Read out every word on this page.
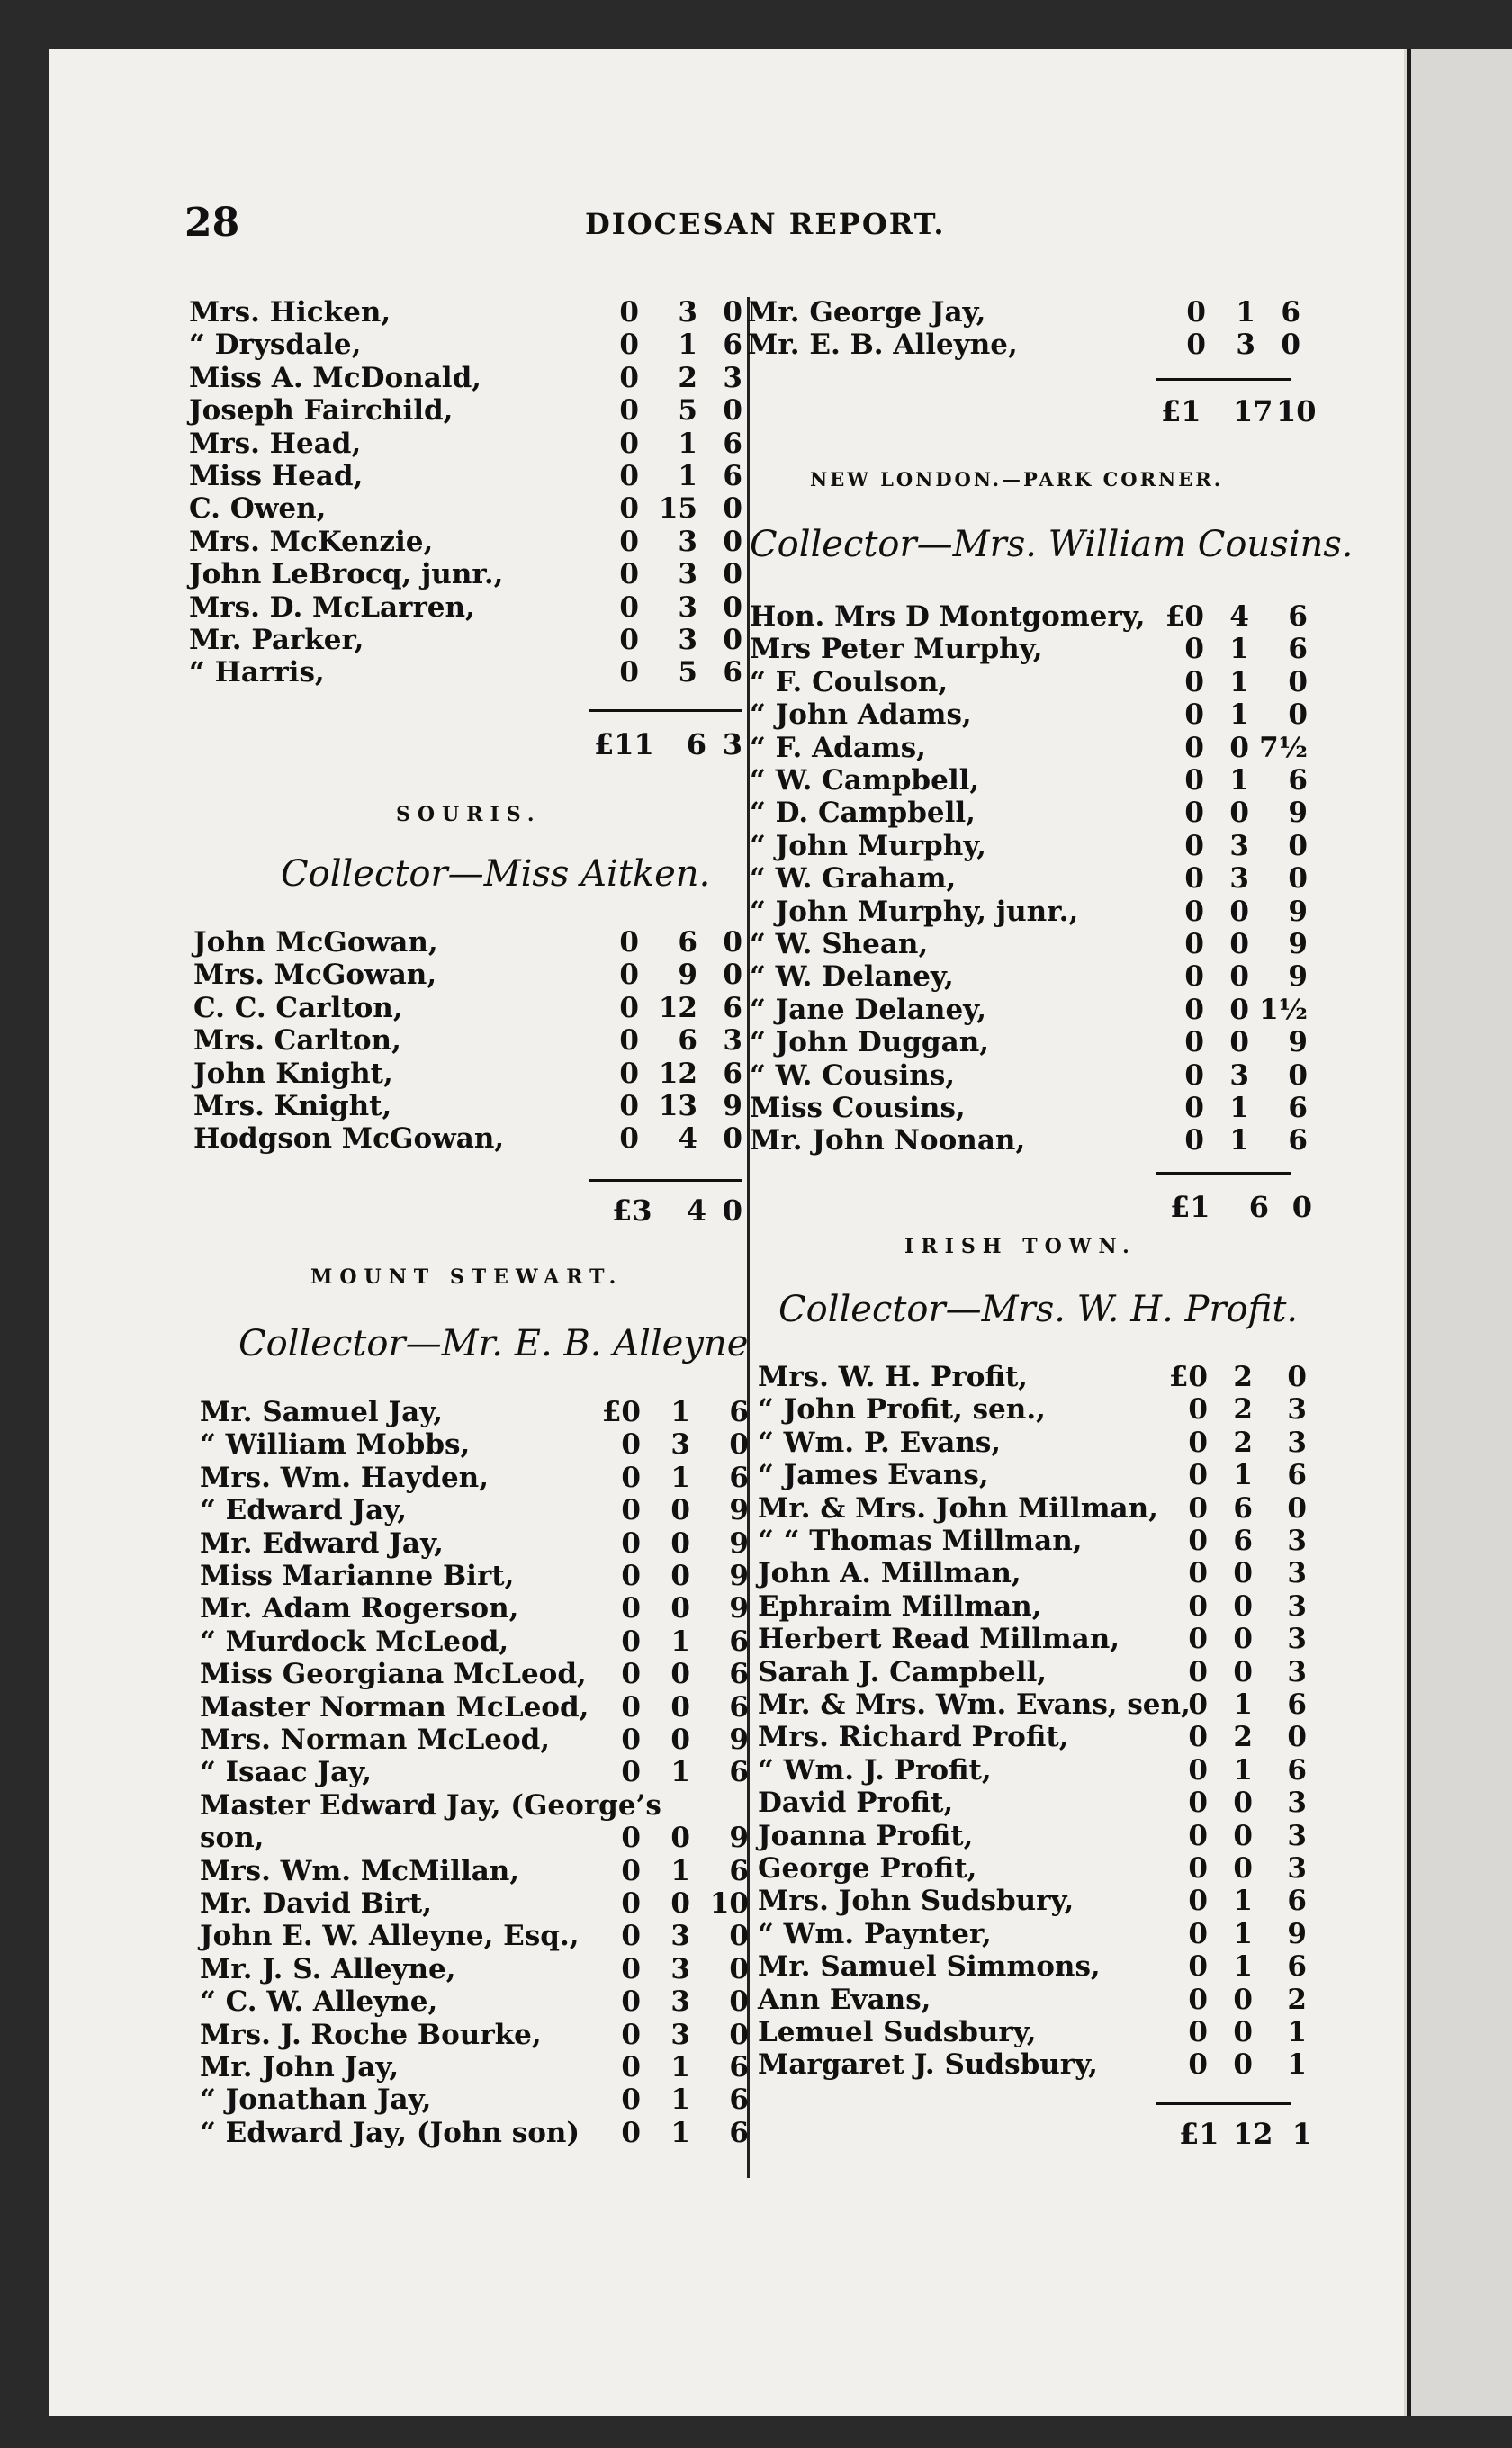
28	DIOCESAN REPORT.
Mrs. Hicken,	0	3 0
“ Drysdale,	0	1 6
Miss A. McDonald,	0	2 3
Joseph Fairchild,	0	5 0
Mrs. Head,	0	1 6
Miss Head,	0	1 6
C. Owen,	0 15 0
Mrs. McKenzie,	0	3 0
John LeBrocq, junr.,	0	3 0
Mrs. D. McLarren,	0	3 0
Mr. Parker,	0	3 0
“ Harris,	0	5 6
£11 6 3
SOURIS.
Collector—Miss Aitken.
John McGowan,	0	6 0
Mrs. McGowan,	0	9 0
C. C. Carlton,	0 12 6
Mrs. Carlton,	0	6 3
John Knight,	0 12 6
Mrs. Knight,	0 13 9
Hodgson McGowan,	0	4 0
£3 4 0
MOUNT STEWART.
Collector—Mr. E. B. Alleyne
Mr. Samuel Jay,	£0	1	6
“ William Mobbs,	0	3	0
Mrs. Wm. Hayden,	0	1	6
“ Edward Jay,	0	0	9
Mr. Edward Jay,	0	0	9
Miss Marianne Birt,	0	0	9
Mr. Adam Rogerson,	0	0	9
“ Murdock McLeod,	0	1	6
Miss Georgiana McLeod,	0	0	6
Master Norman McLeod,	0	0	6
Mrs. Norman McLeod,	0	0	9
“ Isaac Jay,	0	1	6
Master Edward Jay, (George’s
son,	0	0	9
Mrs. Wm. McMillan,	0	1	6
Mr. David Birt,	0	0 10
John E. W. Alleyne, Esq.,	0	3	0
Mr. J. S. Alleyne,	0	3	0
“ C. W. Alleyne,	0	3	0
Mrs. J. Roche Bourke,	0	3	0
Mr. John Jay,	0	1	6
“ Jonathan Jay,	0	1	6
“ Edward Jay, (John son)	0	1	6
Mr. George Jay,	0	1 6
Mr. E. B. Alleyne,	0	3 0
£1 17 10
NEW LONDON.—PARK CORNER.
Collector—Mrs. William Cousins.
Hon. Mrs D Montgomery, £0 4	6
Mrs Peter Murphy,	0 1	6
“ F. Coulson,	0 1	0
“ John Adams,	0 1	0
“ F. Adams,	0 0 7½
“ W. Campbell,	0 1	6
“ D. Campbell,	0 0	9
“ John Murphy,	0 3	0
“ W. Graham,	0 3	0
“ John Murphy, junr.,	0 0	9
“ W. Shean,	0 0	9
“ W. Delaney,	0 0	9
“ Jane Delaney,	0 0 1½
“ John Duggan,	0 0	9
“ W. Cousins,	0 3	0
Miss Cousins,	0 1	6
Mr. John Noonan,	0 1	6
£1	6 0
IRISH TOWN.
Collector—Mrs. W. H. Profit.
Mrs. W. H. Profit,	£0 2	0
“ John Profit, sen.,	0 2	3
“ Wm. P. Evans,	0 2	3
“ James Evans,	0 1	6
Mr. & Mrs. John Millman,	0 6	0
“ “ Thomas Millman,	0 6	3
John A. Millman,	0 0	3
Ephraim Millman,	0 0	3
Herbert Read Millman,	0 0	3
Sarah J. Campbell,	0 0	3
Mr. & Mrs. Wm. Evans, sen,
0 1	6
Mrs. Richard Profit,	0 2	0
“ Wm. J. Profit,	0 1	6
David Profit,	0 0	3
Joanna Profit,	0 0	3
George Profit,	0 0	3
Mrs. John Sudsbury,	0 1	6
“ Wm. Paynter,	0 1	9
Mr. Samuel Simmons,	0 1	6
Ann Evans,	0 0	2
Lemuel Sudsbury,	0 0	1
Margaret J. Sudsbury,	0 0	1
£1 12 1
